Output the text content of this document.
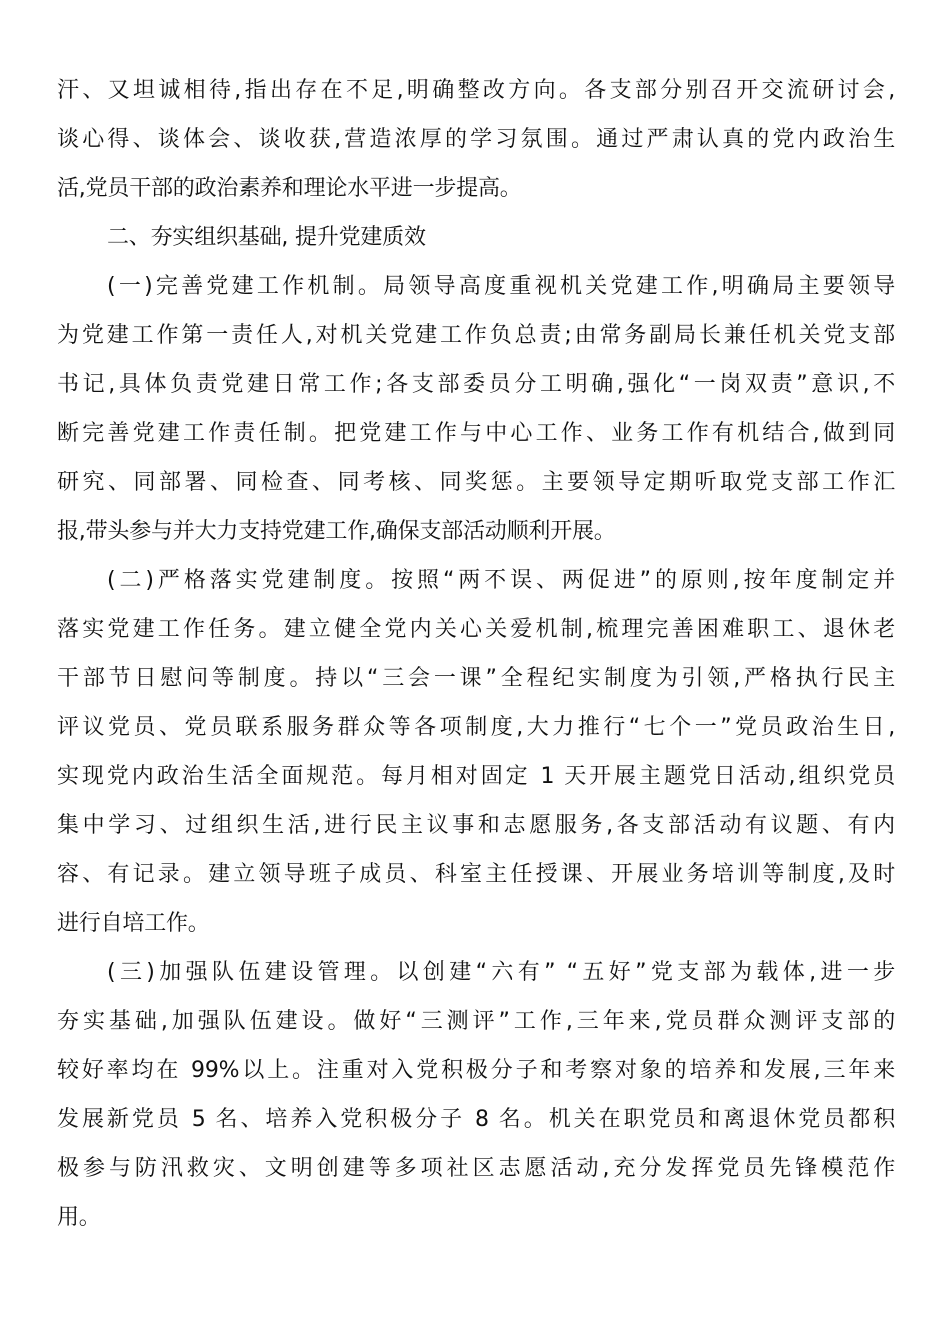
汗、又坦诚相待,指出存在不足,明确整改方向。各支部分别召开交流研讨会,
谈心得、谈体会、谈收获,营造浓厚的学习氛围。通过严肃认真的党内政治生
活,党员干部的政治素养和理论水平进一步提高。
二、夯实组织基础, 提升党建质效
(一)完善党建工作机制。局领导高度重视机关党建工作,明确局主要领导
为党建工作第一责任人,对机关党建工作负总责;由常务副局长兼任机关党支部
书记,具体负责党建日常工作;各支部委员分工明确,强化“一岗双责”意识,不
断完善党建工作责任制。把党建工作与中心工作、业务工作有机结合,做到同
研究、同部署、同检查、同考核、同奖惩。主要领导定期听取党支部工作汇
报,带头参与并大力支持党建工作,确保支部活动顺利开展。
(二)严格落实党建制度。按照“两不误、两促进”的原则,按年度制定并
落实党建工作任务。建立健全党内关心关爱机制,梳理完善困难职工、退休老
干部节日慰问等制度。持以“三会一课”全程纪实制度为引领,严格执行民主
评议党员、党员联系服务群众等各项制度,大力推行“七个一”党员政治生日,
实现党内政治生活全面规范。每月相对固定 1 天开展主题党日活动,组织党员
集中学习、过组织生活,进行民主议事和志愿服务,各支部活动有议题、有内
容、有记录。建立领导班子成员、科室主任授课、开展业务培训等制度,及时
进行自培工作。
(三)加强队伍建设管理。以创建“六有” “五好”党支部为载体,进一步
夯实基础,加强队伍建设。做好“三测评”工作,三年来,党员群众测评支部的
较好率均在 99%以上。注重对入党积极分子和考察对象的培养和发展,三年来
发展新党员 5 名、培养入党积极分子 8 名。机关在职党员和离退休党员都积
极参与防汛救灾、文明创建等多项社区志愿活动,充分发挥党员先锋模范作
用。
